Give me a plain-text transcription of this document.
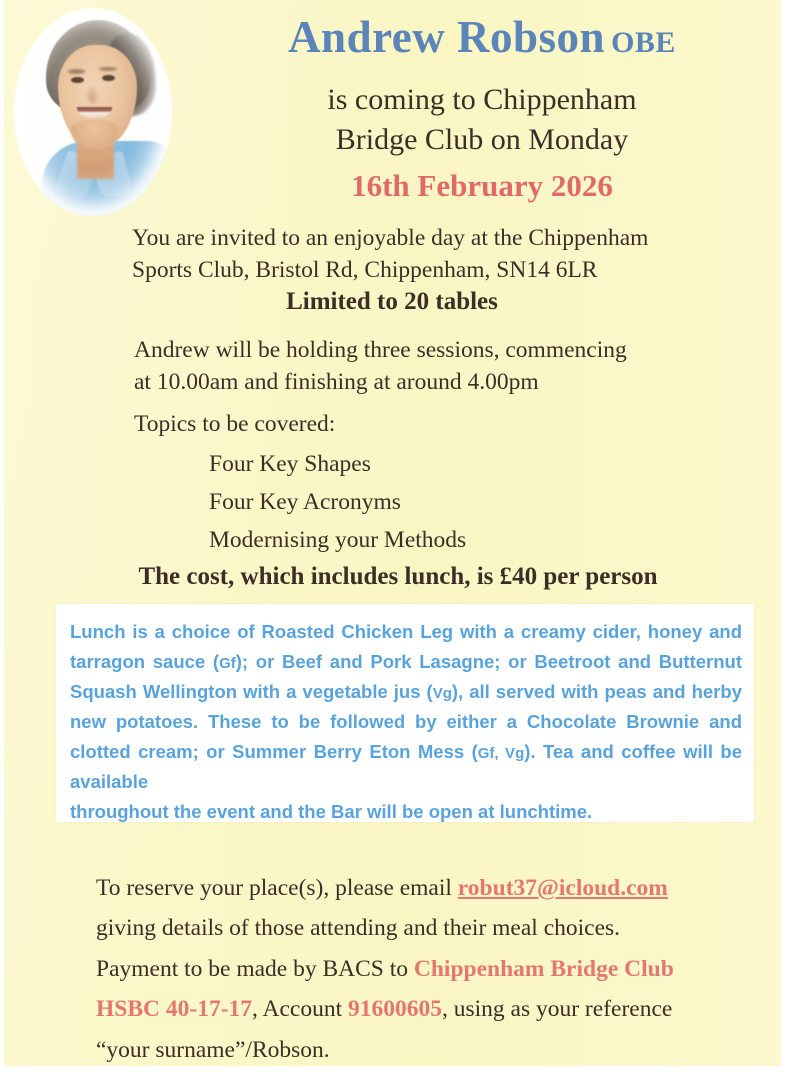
Andrew Robson OBE
is coming to Chippenham
Bridge Club on Monday
16th February 2026
You are invited to an enjoyable day at the Chippenham
Sports Club, Bristol Rd, Chippenham, SN14 6LR
Limited to 20 tables
Andrew will be holding three sessions, commencing
at 10.00am and finishing at around 4.00pm
Topics to be covered:
Four Key Shapes
Four Key Acronyms
Modernising your Methods
The cost, which includes lunch, is £40 per person
Lunch is a choice of Roasted Chicken Leg with a creamy cider, honey and tarragon sauce (Gf); or Beef and Pork Lasagne; or Beetroot and Butternut Squash Wellington with a vegetable jus (Vg), all served with peas and herby new potatoes. These to be followed by either a Chocolate Brownie and clotted cream; or Summer Berry Eton Mess (Gf, Vg). Tea and coffee will be available
throughout the event and the Bar will be open at lunchtime.
To reserve your place(s), please email robut37@icloud.com
giving details of those attending and their meal choices.
Payment to be made by BACS to Chippenham Bridge Club
HSBC 40-17-17, Account 91600605, using as your reference
“your surname”/Robson.
